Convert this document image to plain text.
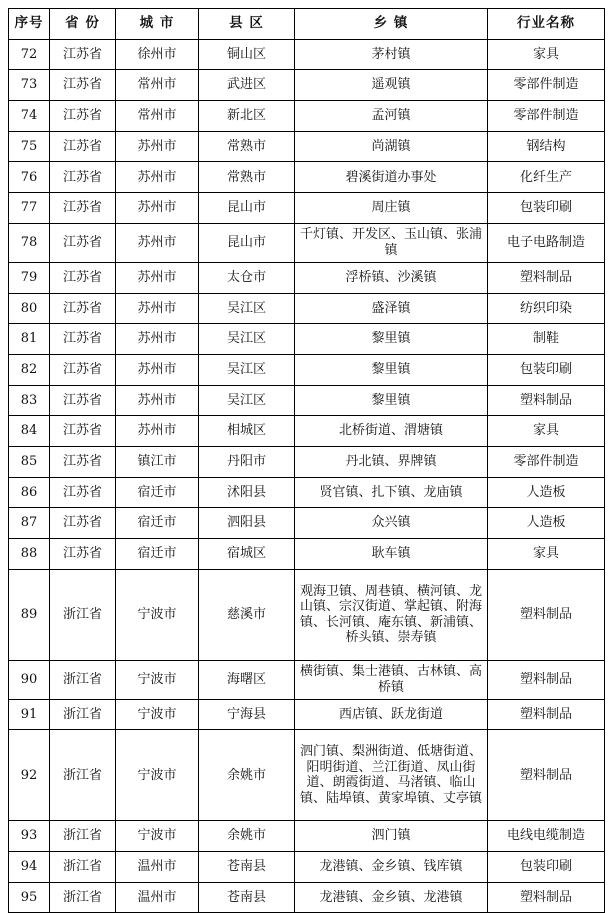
序号	省 份	城 市	县 区	乡 镇	行业名称
72	江苏省	徐州市	铜山区	茅村镇	家具
73	江苏省	常州市	武进区	遥观镇	零部件制造
74	江苏省	常州市	新北区	孟河镇	零部件制造
75	江苏省	苏州市	常熟市	尚湖镇	钢结构
76	江苏省	苏州市	常熟市	碧溪街道办事处	化纤生产
77	江苏省	苏州市	昆山市	周庄镇	包装印刷
78	江苏省	苏州市	昆山市	千灯镇、开发区、玉山镇、张浦镇	电子电路制造
79	江苏省	苏州市	太仓市	浮桥镇、沙溪镇	塑料制品
80	江苏省	苏州市	吴江区	盛泽镇	纺织印染
81	江苏省	苏州市	吴江区	黎里镇	制鞋
82	江苏省	苏州市	吴江区	黎里镇	包装印刷
83	江苏省	苏州市	吴江区	黎里镇	塑料制品
84	江苏省	苏州市	相城区	北桥街道、渭塘镇	家具
85	江苏省	镇江市	丹阳市	丹北镇、界牌镇	零部件制造
86	江苏省	宿迁市	沭阳县	贤官镇、扎下镇、龙庙镇	人造板
87	江苏省	宿迁市	泗阳县	众兴镇	人造板
88	江苏省	宿迁市	宿城区	耿车镇	家具
89	浙江省	宁波市	慈溪市	观海卫镇、周巷镇、横河镇、龙山镇、宗汉街道、掌起镇、附海镇、长河镇、庵东镇、新浦镇、桥头镇、崇寿镇	塑料制品
90	浙江省	宁波市	海曙区	横街镇、集士港镇、古林镇、高桥镇	塑料制品
91	浙江省	宁波市	宁海县	西店镇、跃龙街道	塑料制品
92	浙江省	宁波市	余姚市	泗门镇、梨洲街道、低塘街道、阳明街道、兰江街道、凤山街道、朗霞街道、马渚镇、临山镇、陆埠镇、黄家埠镇、丈亭镇	塑料制品
93	浙江省	宁波市	余姚市	泗门镇	电线电缆制造
94	浙江省	温州市	苍南县	龙港镇、金乡镇、钱库镇	包装印刷
95	浙江省	温州市	苍南县	龙港镇、金乡镇、龙港镇	塑料制品
